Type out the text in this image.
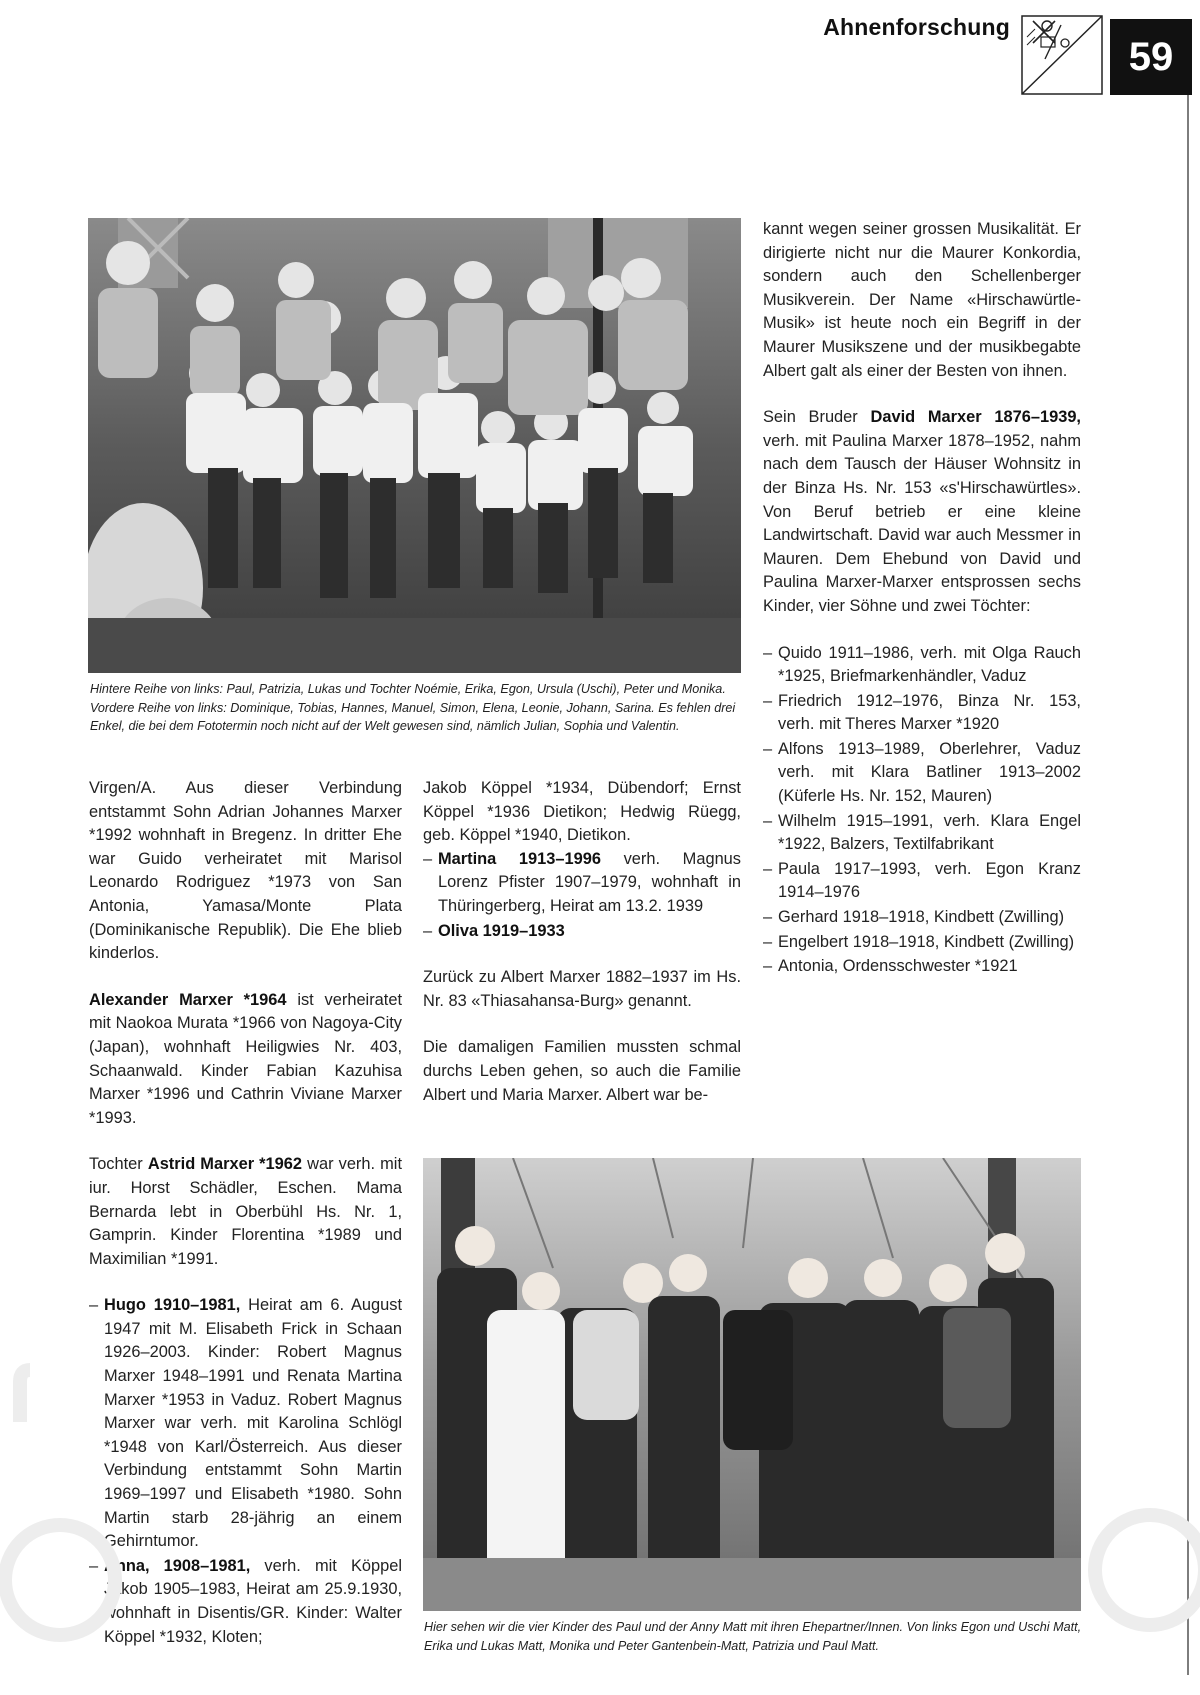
Ahnenforschung
59
Hintere Reihe von links: Paul, Patrizia, Lukas und Tochter Noémie, Erika, Egon, Ursula (Uschi), Peter und Monika. Vordere Reihe von links: Dominique, Tobias, Hannes, Manuel, Simon, Elena, Leonie, Johann, Sarina. Es fehlen drei Enkel, die bei dem Fototermin noch nicht auf der Welt gewesen sind, nämlich Julian, Sophia und Valentin.

Virgen/A. Aus dieser Verbindung entstammt Sohn Adrian Johannes Marxer *1992 wohnhaft in Bregenz. In dritter Ehe war Guido verheiratet mit Marisol Leonardo Rodriguez *1973 von San Antonia, Yamasa/Monte Plata (Dominikanische Republik). Die Ehe blieb kinderlos.

Alexander Marxer *1964 ist verheiratet mit Naokoa Murata *1966 von Nagoya-City (Japan), wohnhaft Heiligwies Nr. 403, Schaanwald. Kinder Fabian Kazuhisa Marxer *1996 und Cathrin Viviane Marxer *1993.

Tochter Astrid Marxer *1962 war verh. mit iur. Horst Schädler, Eschen. Mama Bernarda lebt in Oberbühl Hs. Nr. 1, Gamprin. Kinder Florentina *1989 und Maximilian *1991.

– Hugo 1910–1981, Heirat am 6. August 1947 mit M. Elisabeth Frick in Schaan 1926–2003. Kinder: Robert Magnus Marxer 1948–1991 und Renata Martina Marxer *1953 in Vaduz. Robert Magnus Marxer war verh. mit Karolina Schlögl *1948 von Karl/Österreich. Aus dieser Verbindung entstammt Sohn Martin 1969–1997 und Elisabeth *1980. Sohn Martin starb 28-jährig an einem Gehirntumor.
– Anna, 1908–1981, verh. mit Köppel Jakob 1905–1983, Heirat am 25.9.1930, wohnhaft in Disentis/GR. Kinder: Walter Köppel *1932, Kloten;

Jakob Köppel *1934, Dübendorf; Ernst Köppel *1936 Dietikon; Hedwig Rüegg, geb. Köppel *1940, Dietikon.

– Martina 1913–1996 verh. Magnus Lorenz Pfister 1907–1979, wohnhaft in Thüringerberg, Heirat am 13.2. 1939
– Oliva 1919–1933

Zurück zu Albert Marxer 1882–1937 im Hs. Nr. 83 «Thiasahansa-Burg» genannt.

Die damaligen Familien mussten schmal durchs Leben gehen, so auch die Familie Albert und Maria Marxer. Albert war be-

kannt wegen seiner grossen Musikalität. Er dirigierte nicht nur die Maurer Konkordia, sondern auch den Schellenberger Musikverein. Der Name «Hirschawürtle-Musik» ist heute noch ein Begriff in der Maurer Musikszene und der musikbegabte Albert galt als einer der Besten von ihnen.

Sein Bruder David Marxer 1876–1939, verh. mit Paulina Marxer 1878–1952, nahm nach dem Tausch der Häuser Wohnsitz in der Binza Hs. Nr. 153 «s'Hirschawürtles». Von Beruf betrieb er eine kleine Landwirtschaft. David war auch Messmer in Mauren. Dem Ehebund von David und Paulina Marxer-Marxer entsprossen sechs Kinder, vier Söhne und zwei Töchter:

– Quido 1911–1986, verh. mit Olga Rauch *1925, Briefmarkenhändler, Vaduz
– Friedrich 1912–1976, Binza Nr. 153, verh. mit Theres Marxer *1920
– Alfons 1913–1989, Oberlehrer, Vaduz verh. mit Klara Batliner 1913–2002 (Küferle Hs. Nr. 152, Mauren)
– Wilhelm 1915–1991, verh. Klara Engel *1922, Balzers, Textilfabrikant
– Paula 1917–1993, verh. Egon Kranz 1914–1976
– Gerhard 1918–1918, Kindbett (Zwilling)
– Engelbert 1918–1918, Kindbett (Zwilling)
– Antonia, Ordensschwester *1921
Hier sehen wir die vier Kinder des Paul und der Anny Matt mit ihren Ehepartner/Innen. Von links Egon und Uschi Matt, Erika und Lukas Matt, Monika und Peter Gantenbein-Matt, Patrizia und Paul Matt.
